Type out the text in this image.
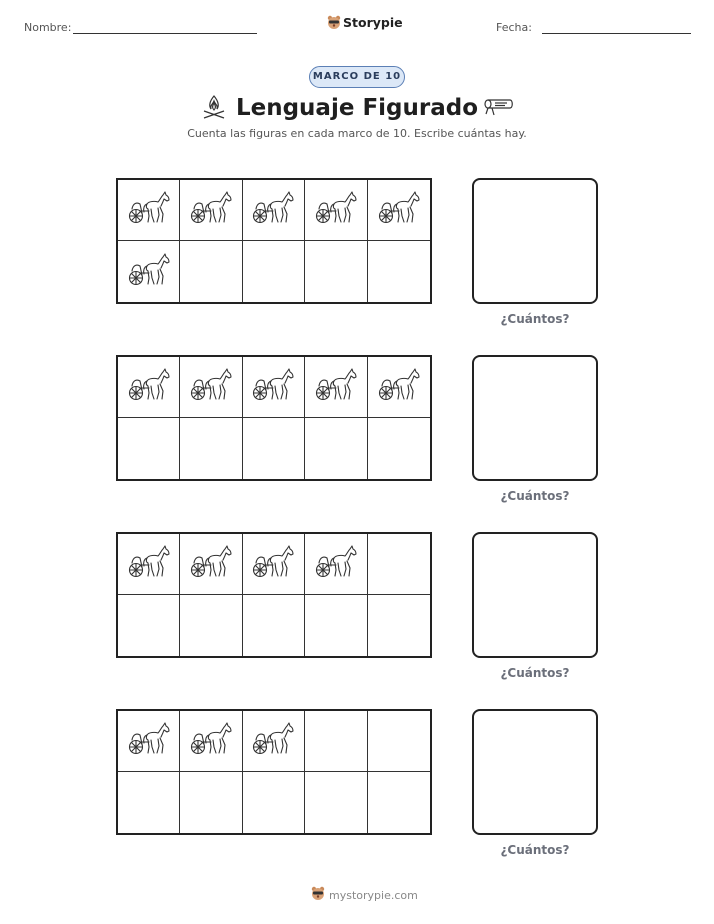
Nombre:	Storypie	Fecha:
MARCO DE 10
Lenguaje Figurado
Cuenta las figuras en cada marco de 10. Escribe cuántas hay.
¿Cuántos?
¿Cuántos?
¿Cuántos?
¿Cuántos?
mystorypie.com
